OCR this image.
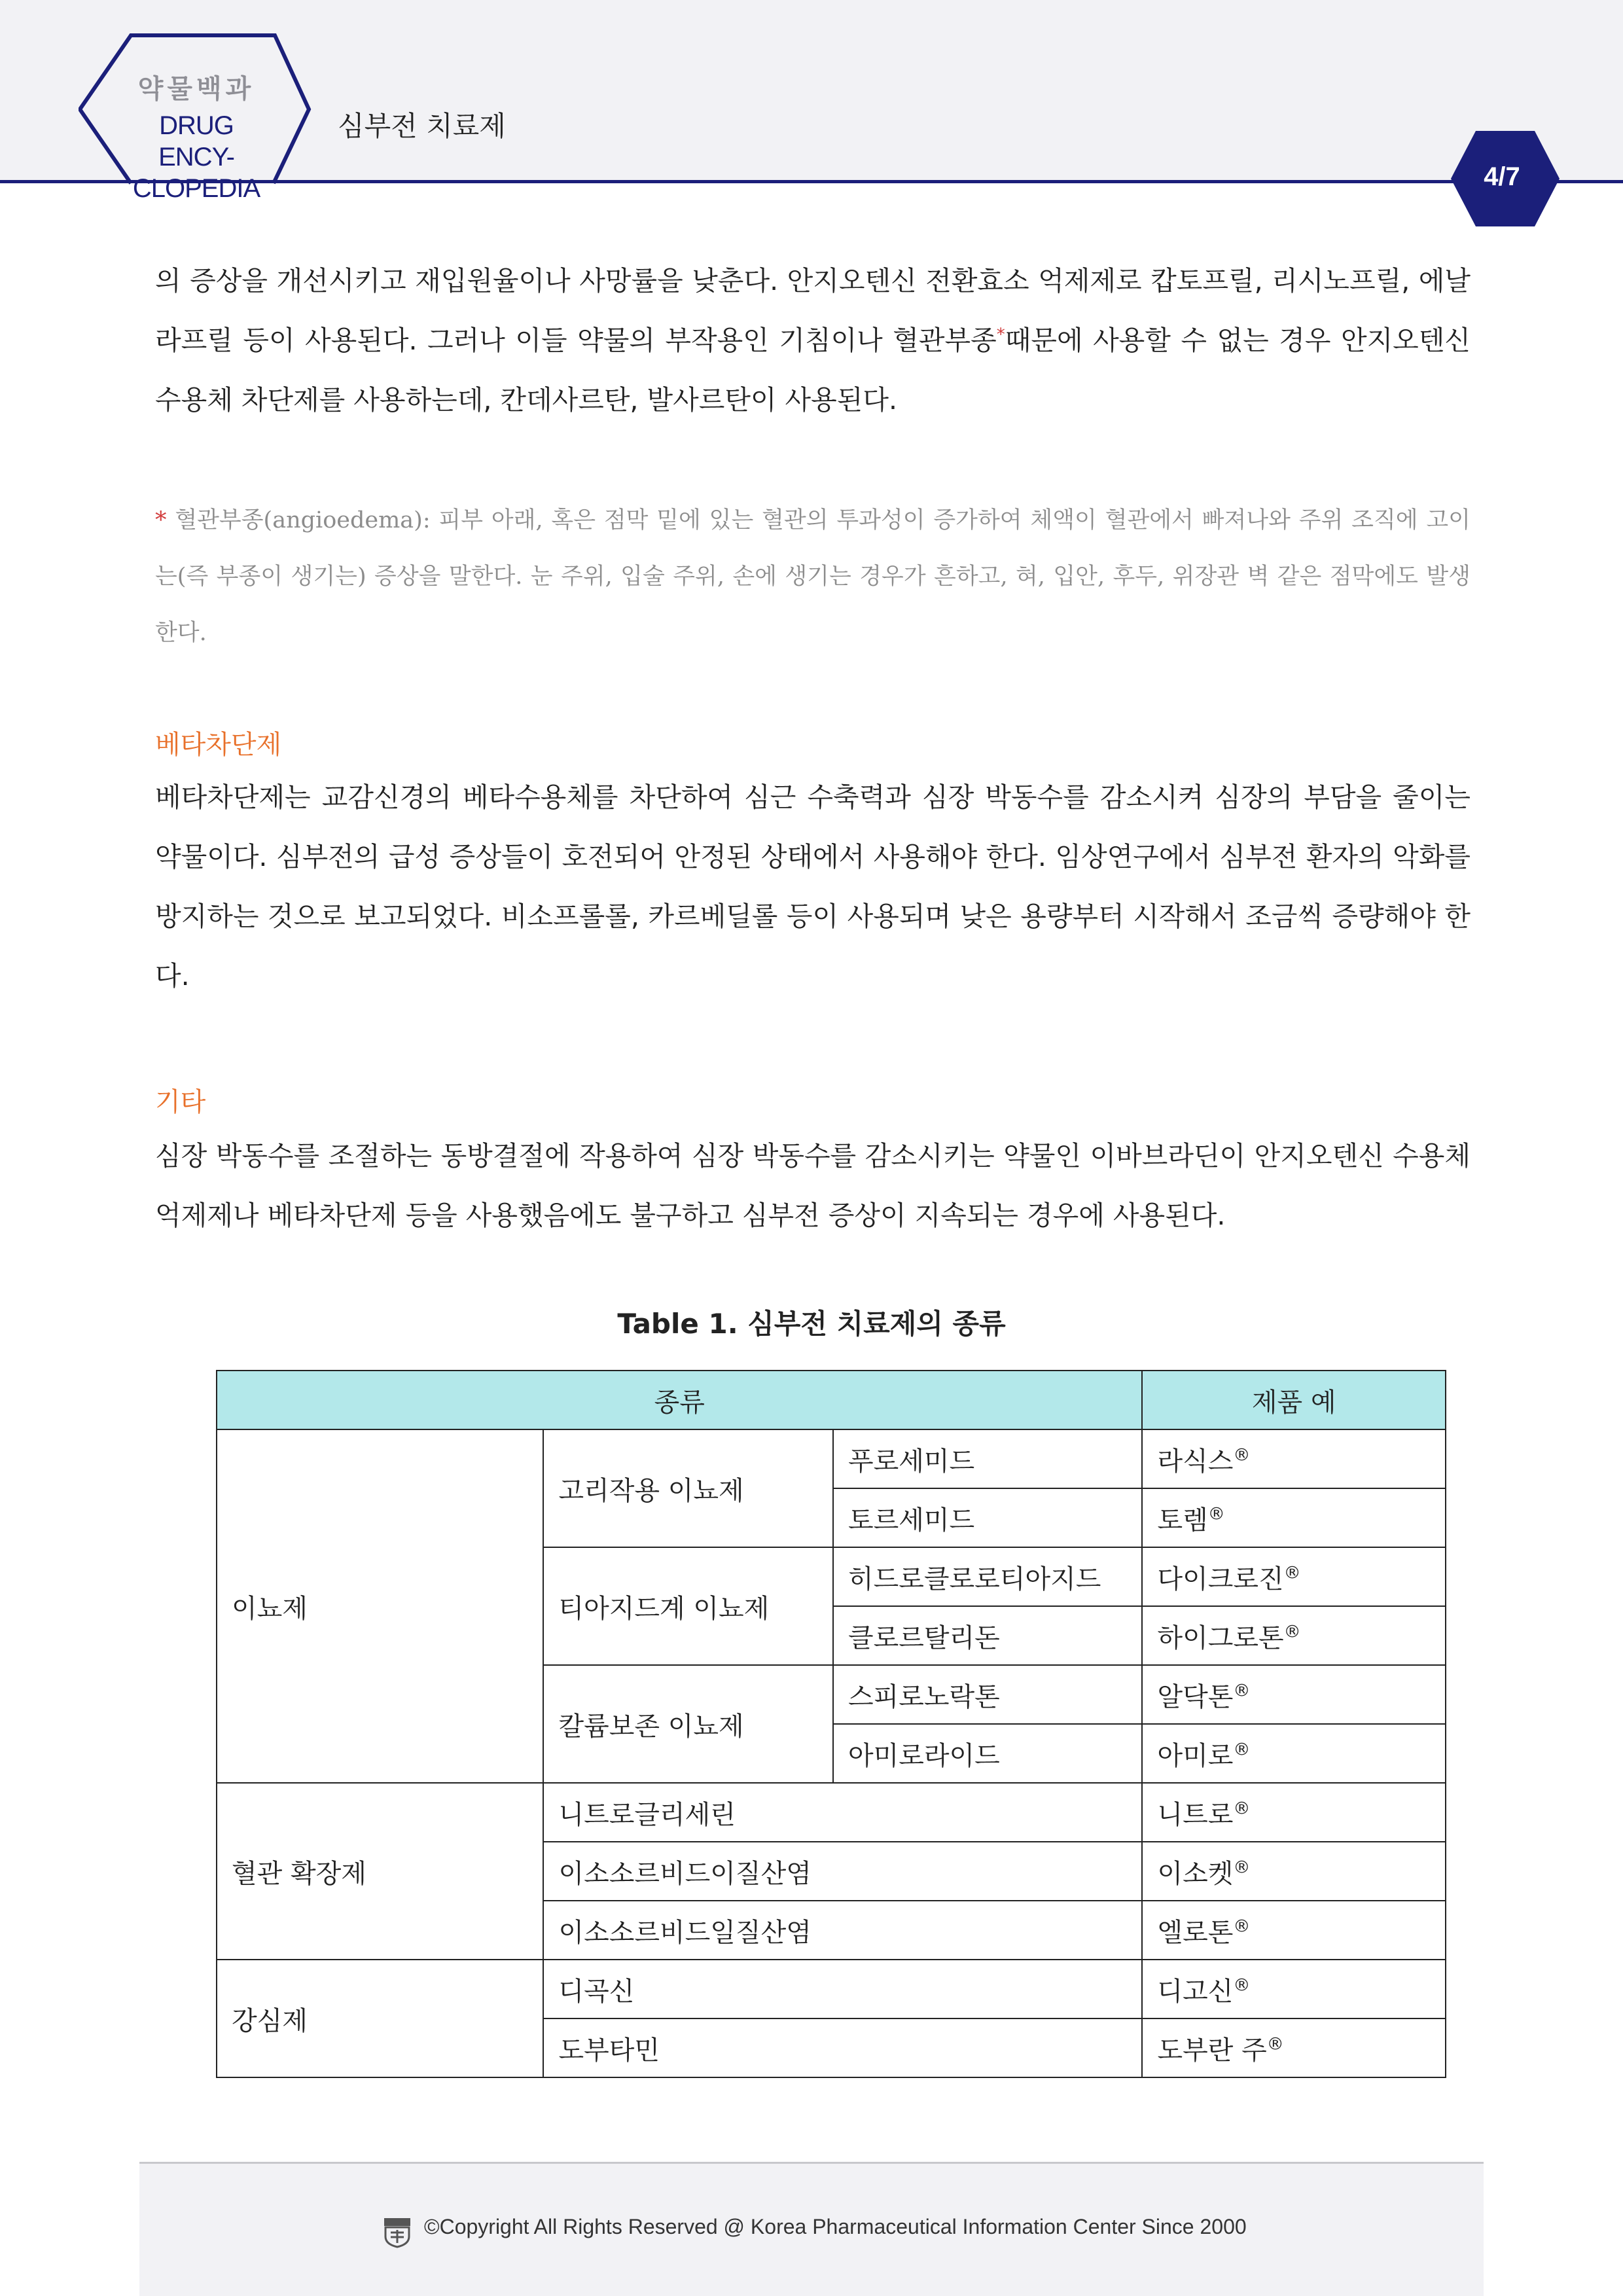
약물백과
DRUG ENCY-
CLOPEDIA
심부전 치료제
4/7

의 증상을 개선시키고 재입원율이나 사망률을 낮춘다. 안지오텐신 전환효소 억제제로 캅토프릴, 리시노프릴, 에날라프릴 등이 사용된다. 그러나 이들 약물의 부작용인 기침이나 혈관부종*때문에 사용할 수 없는 경우 안지오텐신 수용체 차단제를 사용하는데, 칸데사르탄, 발사르탄이 사용된다.

* 혈관부종(angioedema): 피부 아래, 혹은 점막 밑에 있는 혈관의 투과성이 증가하여 체액이 혈관에서 빠져나와 주위 조직에 고이는(즉 부종이 생기는) 증상을 말한다. 눈 주위, 입술 주위, 손에 생기는 경우가 흔하고, 혀, 입안, 후두, 위장관 벽 같은 점막에도 발생한다.

베타차단제

베타차단제는 교감신경의 베타수용체를 차단하여 심근 수축력과 심장 박동수를 감소시켜 심장의 부담을 줄이는 약물이다. 심부전의 급성 증상들이 호전되어 안정된 상태에서 사용해야 한다. 임상연구에서 심부전 환자의 악화를 방지하는 것으로 보고되었다. 비소프롤롤, 카르베딜롤 등이 사용되며 낮은 용량부터 시작해서 조금씩 증량해야 한다.

기타

심장 박동수를 조절하는 동방결절에 작용하여 심장 박동수를 감소시키는 약물인 이바브라딘이 안지오텐신 수용체 억제제나 베타차단제 등을 사용했음에도 불구하고 심부전 증상이 지속되는 경우에 사용된다.

Table 1. 심부전 치료제의 종류
종류			제품 예
이뇨제	고리작용 이뇨제	푸로세미드	라식스®
		토르세미드	토렘®
	티아지드계 이뇨제	히드로클로로티아지드	다이크로진®
		클로르탈리돈	하이그로톤®
	칼륨보존 이뇨제	스피로노락톤	알닥톤®
		아미로라이드	아미로®
혈관 확장제	니트로글리세린		니트로®
	이소소르비드이질산염		이소켓®
	이소소르비드일질산염		엘로톤®
강심제	디곡신		디고신®
	도부타민		도부란 주®
©Copyright All Rights Reserved @ Korea Pharmaceutical Information Center Since 2000
